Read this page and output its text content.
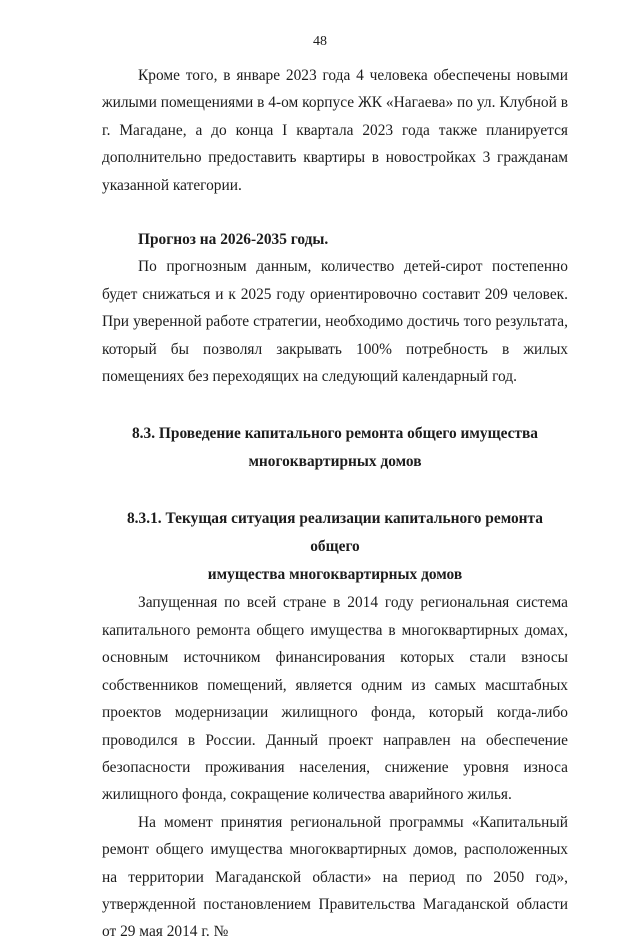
48

Кроме того, в январе 2023 года 4 человека обеспечены новыми жилыми помещениями в 4-ом корпусе ЖК «Нагаева» по ул. Клубной в г. Магадане, а до конца I квартала 2023 года также планируется дополнительно предоставить квартиры в новостройках 3 гражданам указанной категории.

Прогноз на 2026-2035 годы.

По прогнозным данным, количество детей-сирот постепенно будет снижаться и к 2025 году ориентировочно составит 209 человек. При уверенной работе стратегии, необходимо достичь того результата, который бы позволял закрывать 100% потребность в жилых помещениях без переходящих на следующий календарный год.

8.3. Проведение капитального ремонта общего имущества

многоквартирных домов

8.3.1. Текущая ситуация реализации капитального ремонта общего

имущества многоквартирных домов

Запущенная по всей стране в 2014 году региональная система капитального ремонта общего имущества в многоквартирных домах, основным источником финансирования которых стали взносы собственников помещений, является одним из самых масштабных проектов модернизации жилищного фонда, который когда-либо проводился в России. Данный проект направлен на обеспечение безопасности проживания населения, снижение уровня износа жилищного фонда, сокращение количества аварийного жилья.

На момент принятия региональной программы «Капитальный ремонт общего имущества многоквартирных домов, расположенных на территории Магаданской области» на период по 2050 год», утвержденной постановлением Правительства Магаданской области от 29 мая 2014 г. №
